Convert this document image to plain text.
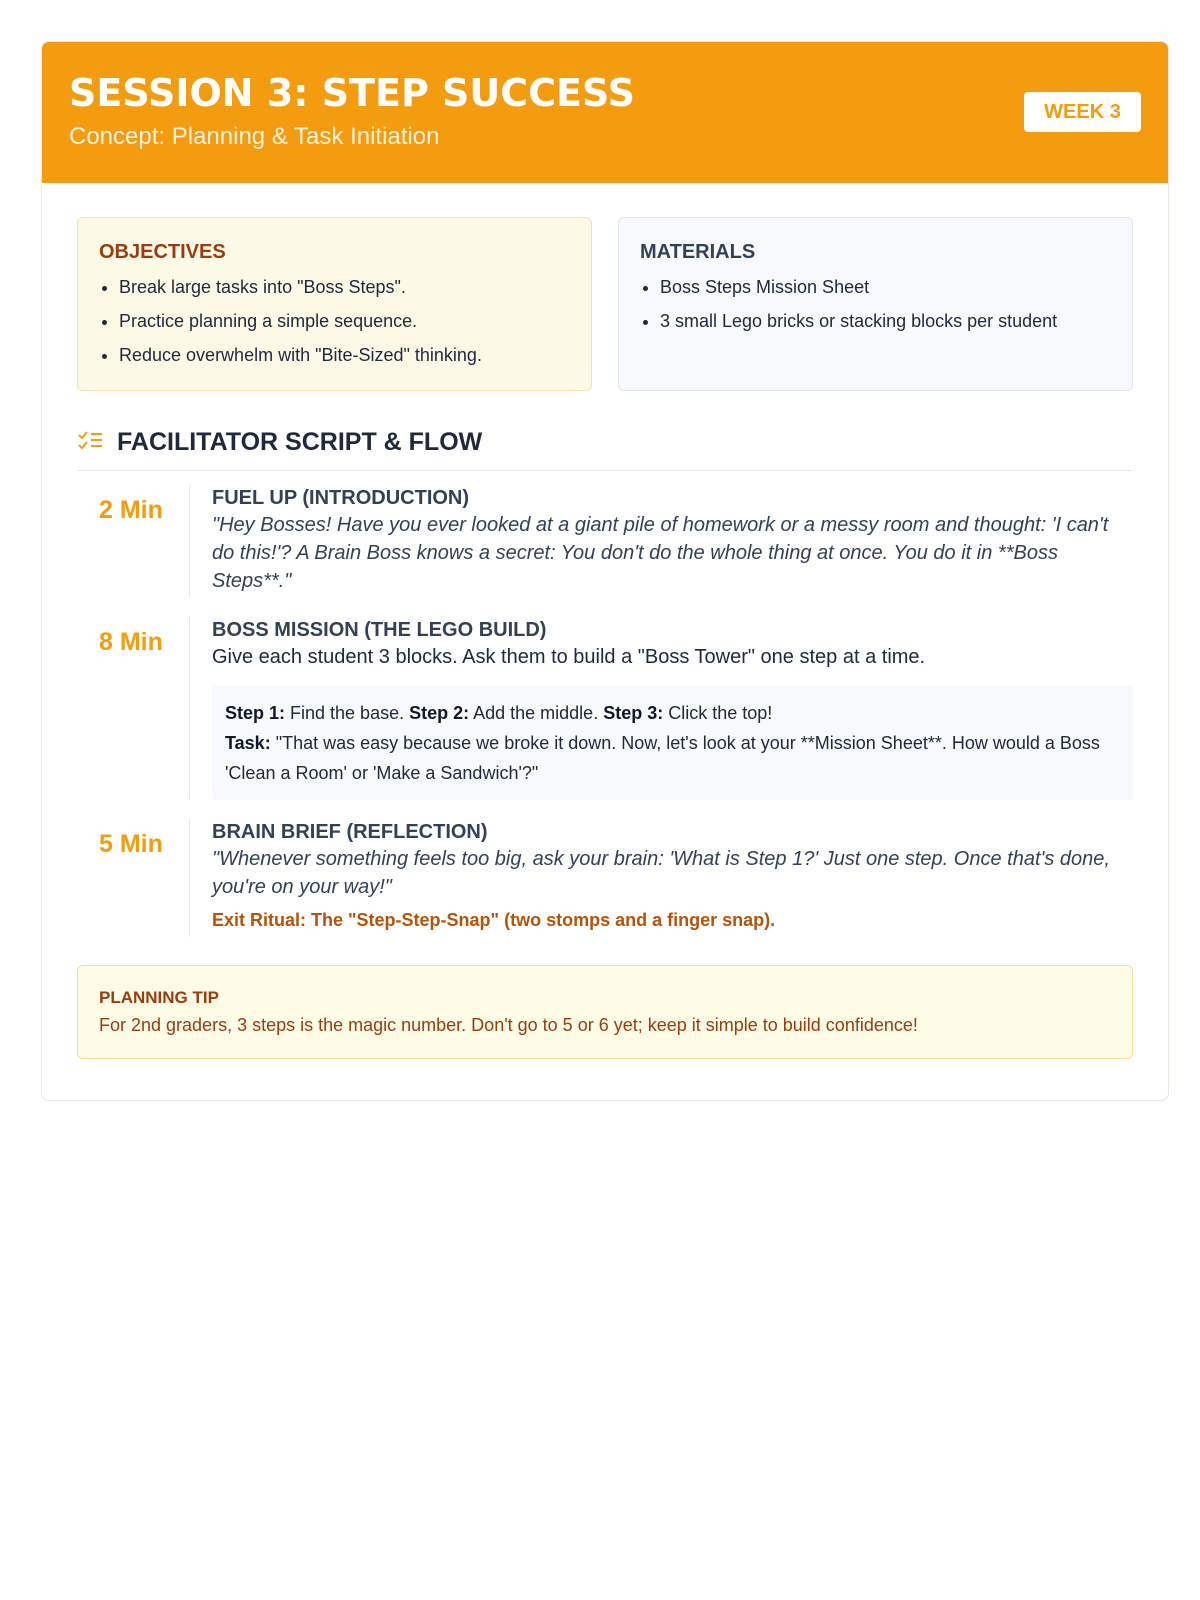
SESSION 3: STEP SUCCESS
Concept: Planning & Task Initiation
WEEK 3
OBJECTIVES
• Break large tasks into "Boss Steps".
• Practice planning a simple sequence.
• Reduce overwhelm with "Bite-Sized" thinking.
MATERIALS
• Boss Steps Mission Sheet
• 3 small Lego bricks or stacking blocks per student
FACILITATOR SCRIPT & FLOW
2 Min	FUEL UP (INTRODUCTION)
"Hey Bosses! Have you ever looked at a giant pile of homework or a messy room and thought: 'I can't do this!'? A Brain Boss knows a secret: You don't do the whole thing at once. You do it in **Boss Steps**."
8 Min	BOSS MISSION (THE LEGO BUILD)
Give each student 3 blocks. Ask them to build a "Boss Tower" one step at a time.
Step 1: Find the base. Step 2: Add the middle. Step 3: Click the top!
Task: "That was easy because we broke it down. Now, let's look at your **Mission Sheet**. How would a Boss 'Clean a Room' or 'Make a Sandwich'?"
5 Min	BRAIN BRIEF (REFLECTION)
"Whenever something feels too big, ask your brain: 'What is Step 1?' Just one step. Once that's done, you're on your way!"
Exit Ritual: The "Step-Step-Snap" (two stomps and a finger snap).
PLANNING TIP
For 2nd graders, 3 steps is the magic number. Don't go to 5 or 6 yet; keep it simple to build confidence!
